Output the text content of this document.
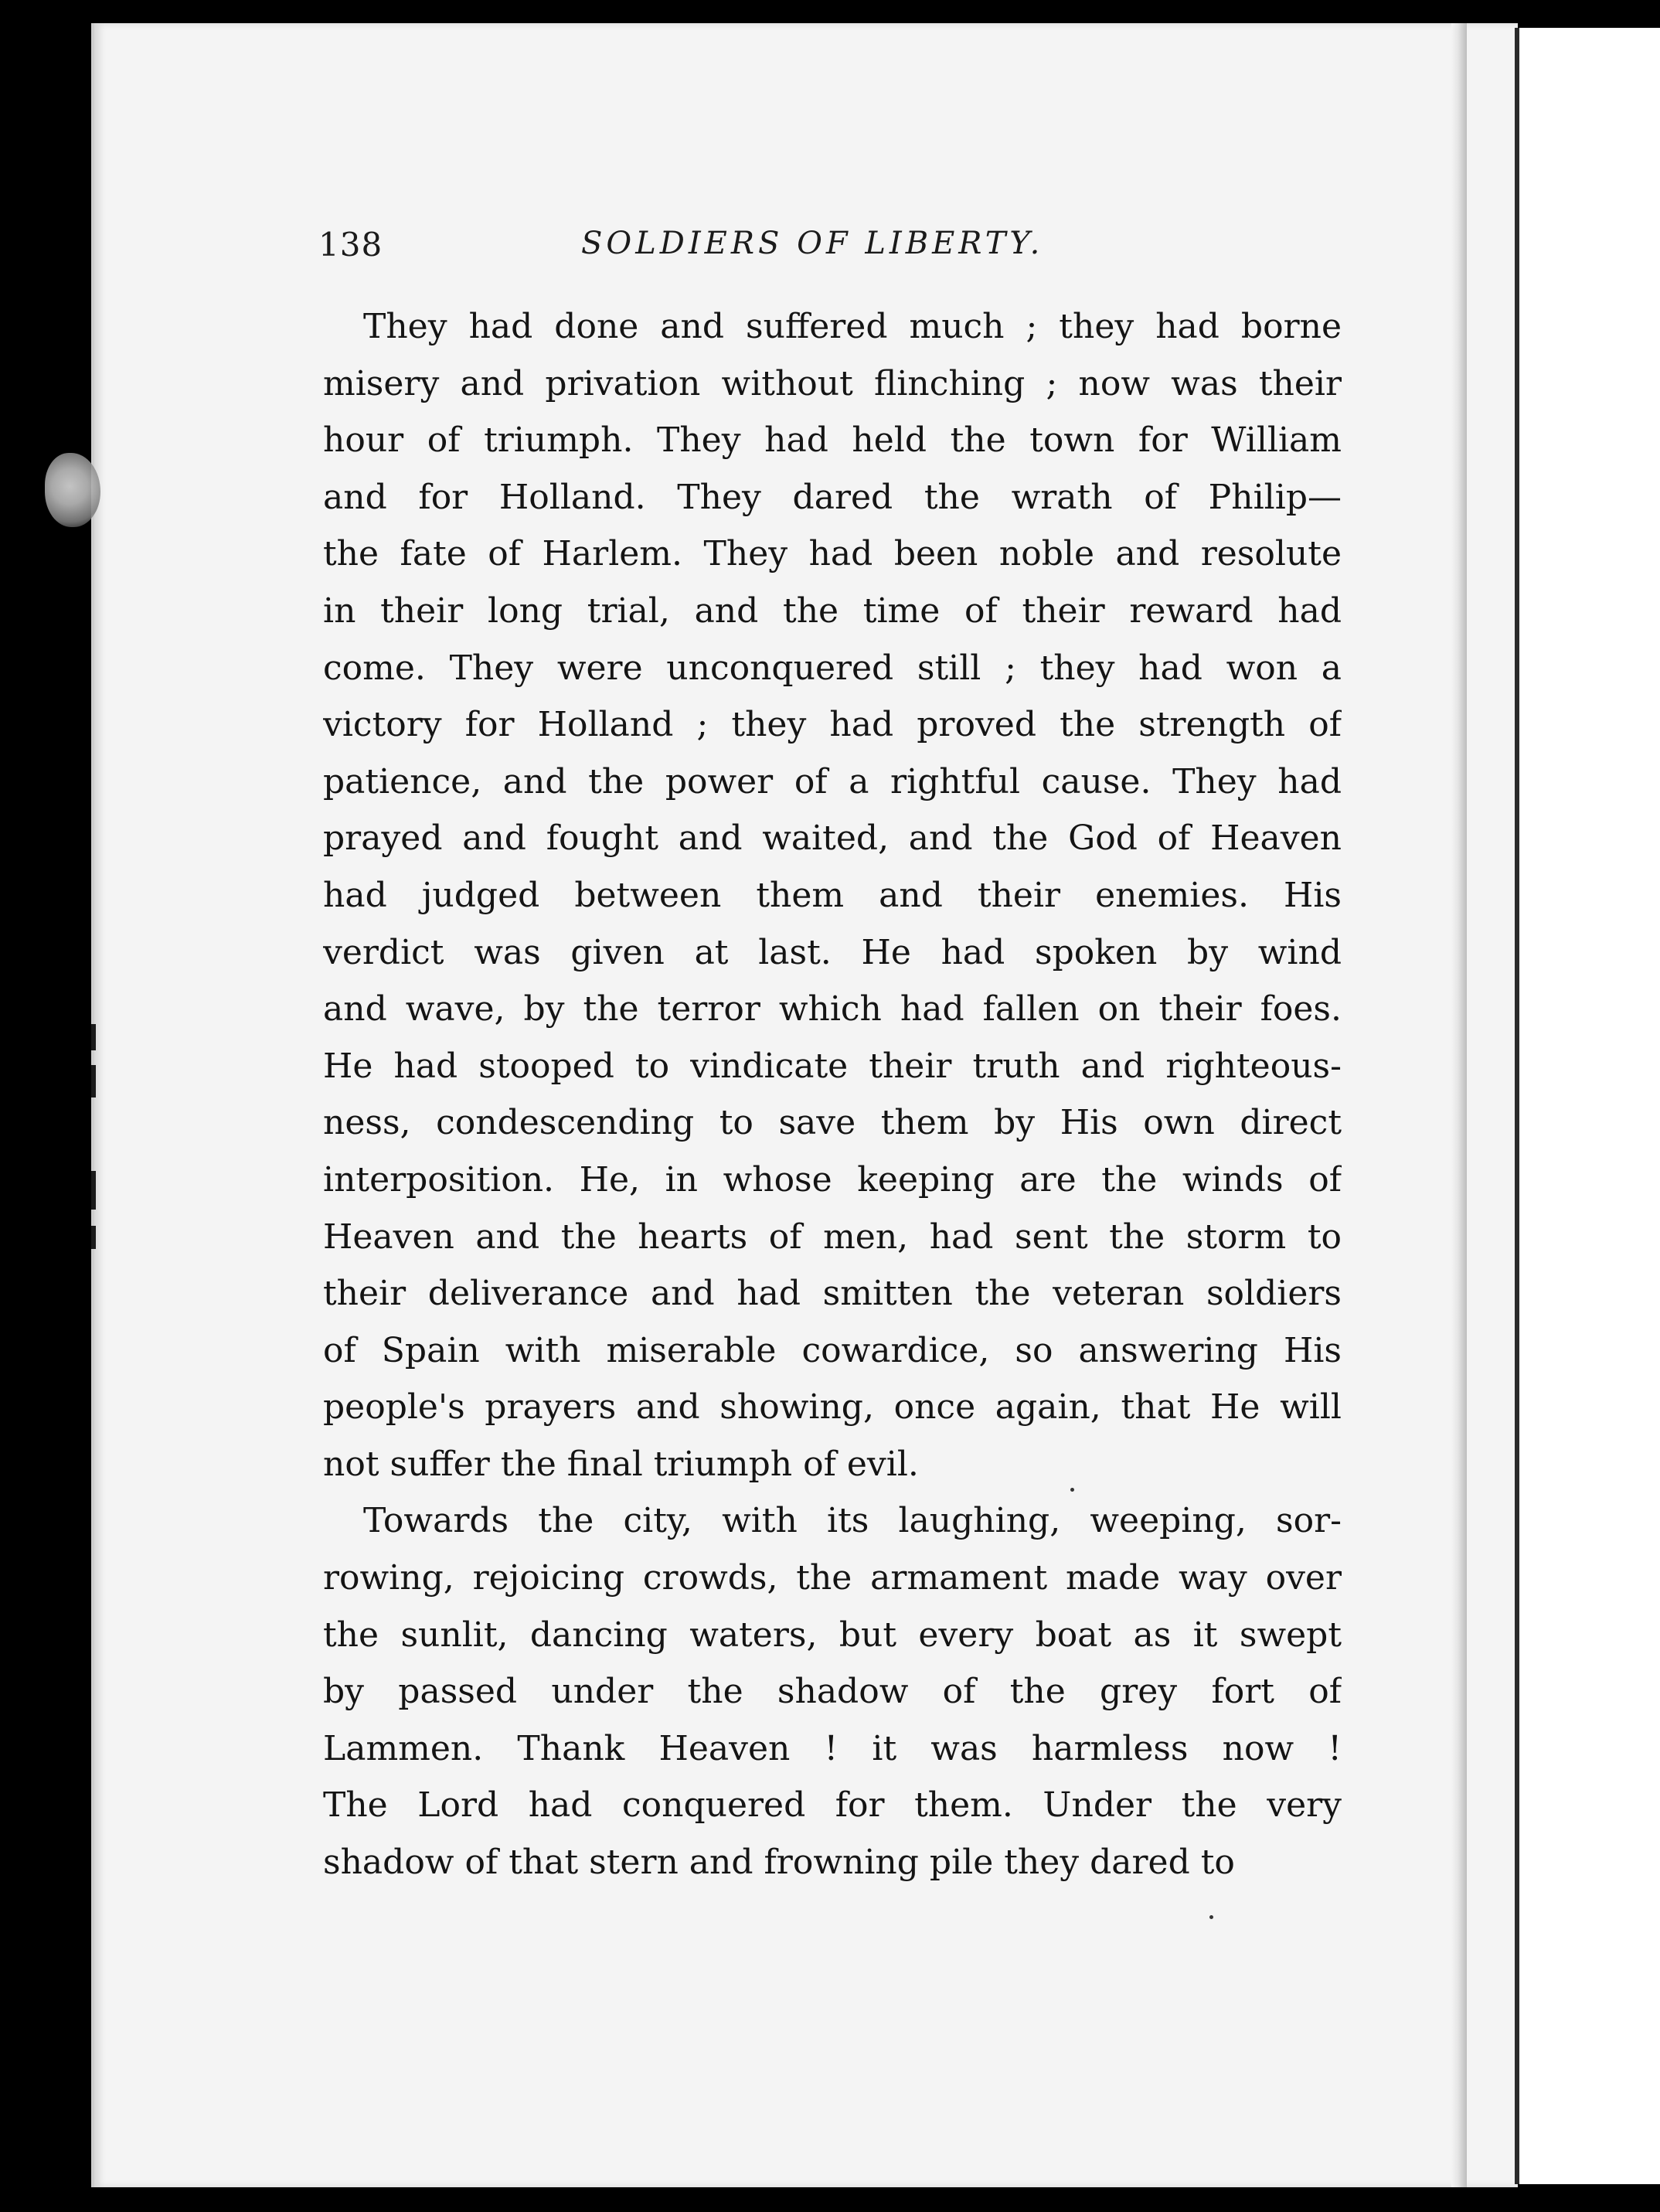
138	SOLDIERS OF LIBERTY.
They had done and suffered much ; they had borne
misery and privation without flinching ; now was their
hour of triumph. They had held the town for William
and for Holland. They dared the wrath of Philip—
the fate of Harlem. They had been noble and resolute
in their long trial, and the time of their reward had
come. They were unconquered still ; they had won a
victory for Holland ; they had proved the strength of
patience, and the power of a rightful cause. They had
prayed and fought and waited, and the God of Heaven
had judged between them and their enemies. His
verdict was given at last. He had spoken by wind
and wave, by the terror which had fallen on their foes.
He had stooped to vindicate their truth and righteous-
ness, condescending to save them by His own direct
interposition. He, in whose keeping are the winds of
Heaven and the hearts of men, had sent the storm to
their deliverance and had smitten the veteran soldiers
of Spain with miserable cowardice, so answering His
people's prayers and showing, once again, that He will
not suffer the final triumph of evil.
Towards the city, with its laughing, weeping, sor-
rowing, rejoicing crowds, the armament made way over
the sunlit, dancing waters, but every boat as it swept
by passed under the shadow of the grey fort of
Lammen. Thank Heaven ! it was harmless now !
The Lord had conquered for them. Under the very
shadow of that stern and frowning pile they dared to
